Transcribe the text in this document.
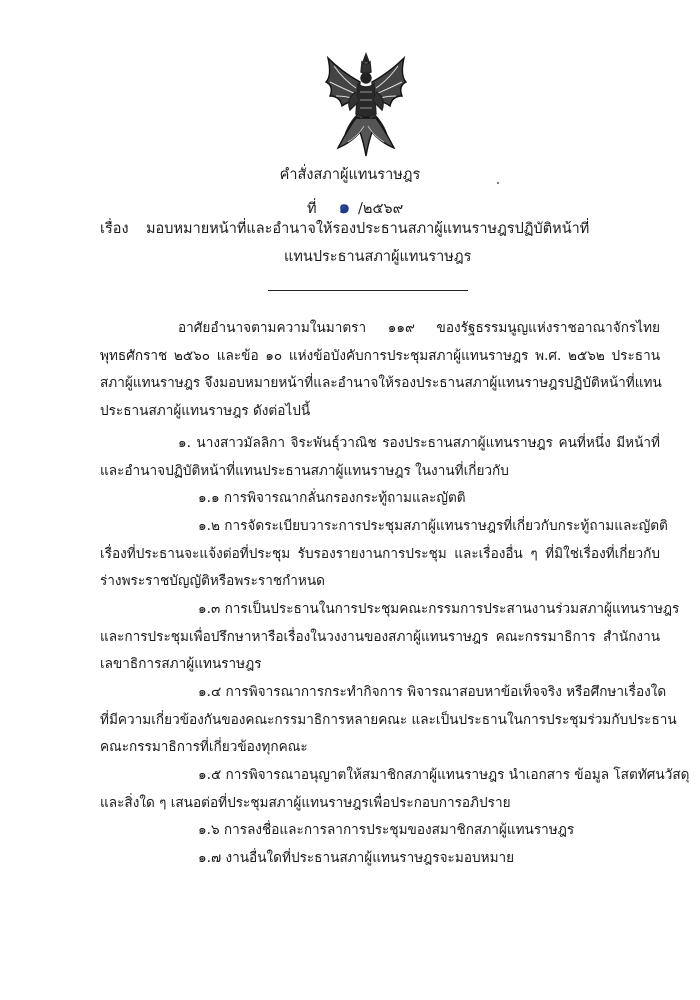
คำสั่งสภาผู้แทนราษฎร
ที่ ๑ /๒๕๖๙
เรื่อง มอบหมายหน้าที่และอำนาจให้รองประธานสภาผู้แทนราษฎรปฏิบัติหน้าที่
แทนประธานสภาผู้แทนราษฎร
อาศัยอำนาจตามความในมาตรา ๑๑๙ ของรัฐธรรมนูญแห่งราชอาณาจักรไทย
พุทธศักราช ๒๕๖๐ และข้อ ๑๐ แห่งข้อบังคับการประชุมสภาผู้แทนราษฎร พ.ศ. ๒๕๖๒ ประธาน
สภาผู้แทนราษฎร จึงมอบหมายหน้าที่และอำนาจให้รองประธานสภาผู้แทนราษฎรปฏิบัติหน้าที่แทน
ประธานสภาผู้แทนราษฎร ดังต่อไปนี้
๑. นางสาวมัลลิกา จิระพันธุ์วาณิช รองประธานสภาผู้แทนราษฎร คนที่หนึ่ง มีหน้าที่
และอำนาจปฏิบัติหน้าที่แทนประธานสภาผู้แทนราษฎร ในงานที่เกี่ยวกับ
๑.๑ การพิจารณากลั่นกรองกระทู้ถามและญัตติ
๑.๒ การจัดระเบียบวาระการประชุมสภาผู้แทนราษฎรที่เกี่ยวกับกระทู้ถามและญัตติ
เรื่องที่ประธานจะแจ้งต่อที่ประชุม รับรองรายงานการประชุม และเรื่องอื่น ๆ ที่มิใช่เรื่องที่เกี่ยวกับ
ร่างพระราชบัญญัติหรือพระราชกำหนด
๑.๓ การเป็นประธานในการประชุมคณะกรรมการประสานงานร่วมสภาผู้แทนราษฎร
และการประชุมเพื่อปรึกษาหารือเรื่องในวงงานของสภาผู้แทนราษฎร คณะกรรมาธิการ สำนักงาน
เลขาธิการสภาผู้แทนราษฎร
๑.๔ การพิจารณาการกระทำกิจการ พิจารณาสอบหาข้อเท็จจริง หรือศึกษาเรื่องใด
ที่มีความเกี่ยวข้องกันของคณะกรรมาธิการหลายคณะ และเป็นประธานในการประชุมร่วมกับประธาน
คณะกรรมาธิการที่เกี่ยวข้องทุกคณะ
๑.๕ การพิจารณาอนุญาตให้สมาชิกสภาผู้แทนราษฎร นำเอกสาร ข้อมูล โสตทัศนวัสดุ
และสิ่งใด ๆ เสนอต่อที่ประชุมสภาผู้แทนราษฎรเพื่อประกอบการอภิปราย
๑.๖ การลงชื่อและการลาการประชุมของสมาชิกสภาผู้แทนราษฎร
๑.๗ งานอื่นใดที่ประธานสภาผู้แทนราษฎรจะมอบหมาย
